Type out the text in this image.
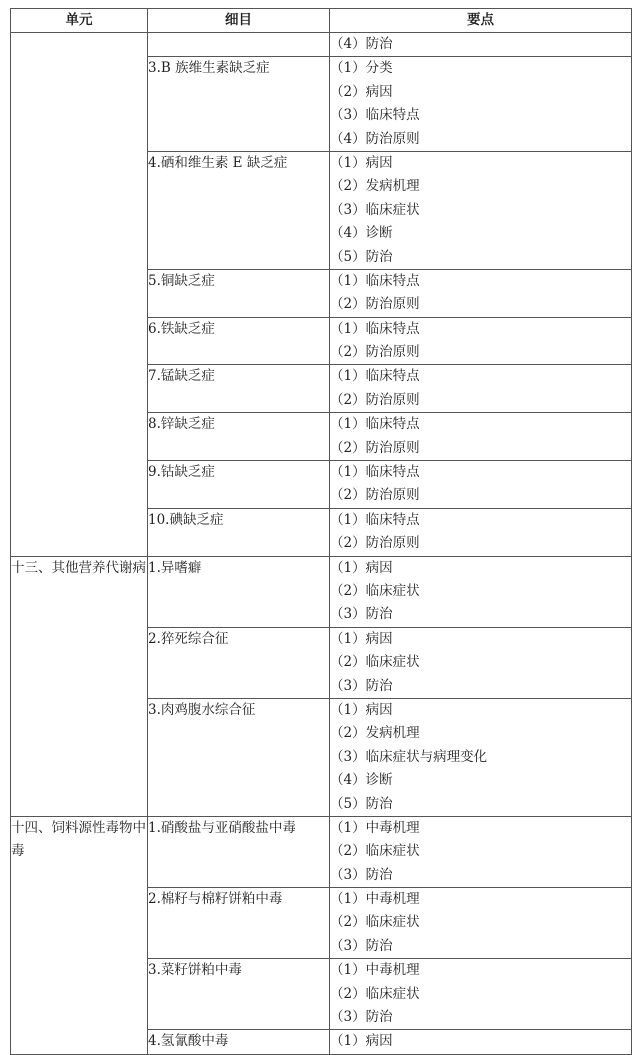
单元	细目	要点

		（4）防治

	3.B 族维生素缺乏症	（1）分类
（2）病因
（3）临床特点
（4）防治原则

	4.硒和维生素 E 缺乏症	（1）病因
（2）发病机理
（3）临床症状
（4）诊断
（5）防治

	5.铜缺乏症	（1）临床特点
（2）防治原则

	6.铁缺乏症	（1）临床特点
（2）防治原则

	7.锰缺乏症	（1）临床特点
（2）防治原则

	8.锌缺乏症	（1）临床特点
（2）防治原则

	9.钴缺乏症	（1）临床特点
（2）防治原则

	10.碘缺乏症	（1）临床特点
（2）防治原则

十三、其他营养代谢病	1.异嗜癖	（1）病因
（2）临床症状
（3）防治

	2.猝死综合征	（1）病因
（2）临床症状
（3）防治

	3.肉鸡腹水综合征	（1）病因
（2）发病机理
（3）临床症状与病理变化
（4）诊断
（5）防治

十四、饲料源性毒物中毒	1.硝酸盐与亚硝酸盐中毒	（1）中毒机理
（2）临床症状
（3）防治

	2.棉籽与棉籽饼粕中毒	（1）中毒机理
（2）临床症状
（3）防治

	3.菜籽饼粕中毒	（1）中毒机理
（2）临床症状
（3）防治

	4.氢氰酸中毒	（1）病因
